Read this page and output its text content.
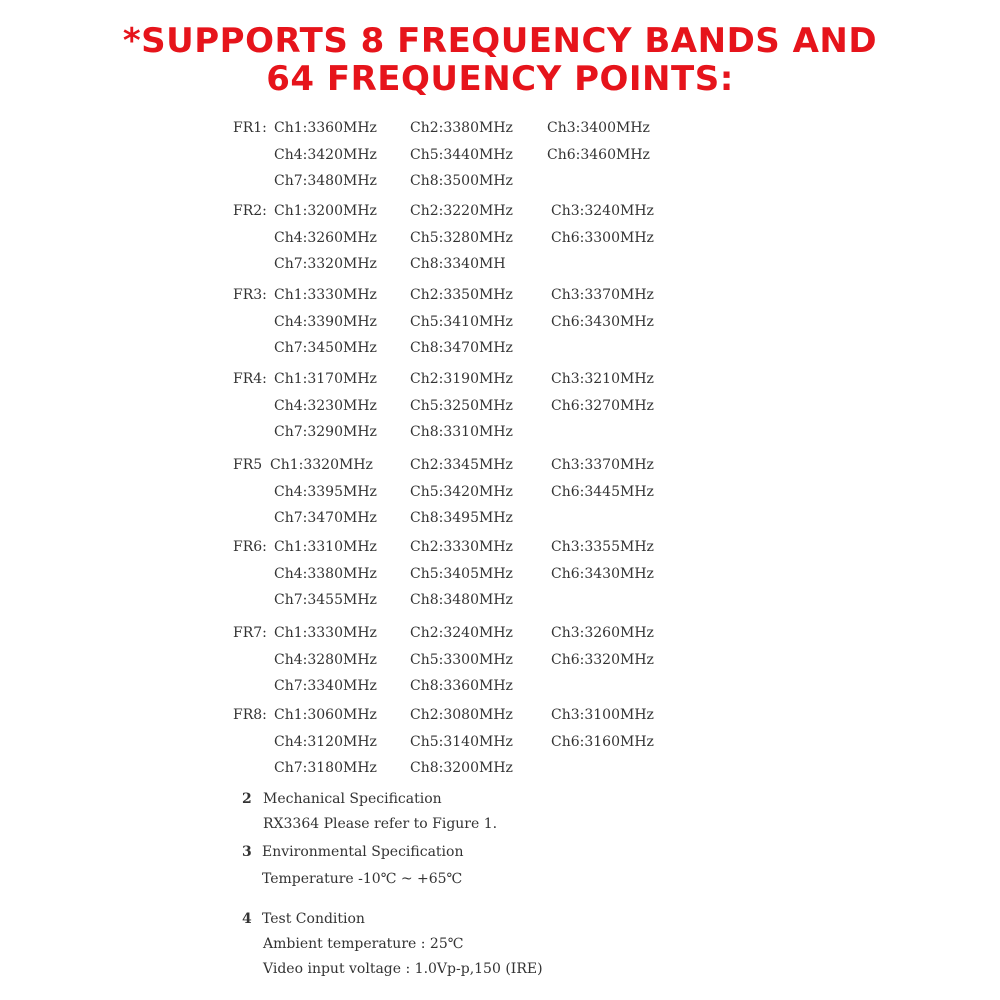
*SUPPORTS 8 FREQUENCY BANDS AND
64 FREQUENCY POINTS:
FR1: Ch1:3360MHz Ch2:3380MHz Ch3:3400MHz
Ch4:3420MHz Ch5:3440MHz Ch6:3460MHz
Ch7:3480MHz Ch8:3500MHz
FR2: Ch1:3200MHz Ch2:3220MHz	Ch3:3240MHz
Ch4:3260MHz Ch5:3280MHz	Ch6:3300MHz
Ch7:3320MHz Ch8:3340MH
FR3: Ch1:3330MHz Ch2:3350MHz	Ch3:3370MHz
Ch4:3390MHz Ch5:3410MHz	Ch6:3430MHz
Ch7:3450MHz Ch8:3470MHz
FR4: Ch1:3170MHz Ch2:3190MHz	Ch3:3210MHz
Ch4:3230MHz Ch5:3250MHz	Ch6:3270MHz
Ch7:3290MHz Ch8:3310MHz
FR5 Ch1:3320MHz	Ch2:3345MHz	Ch3:3370MHz
Ch4:3395MHz Ch5:3420MHz	Ch6:3445MHz
Ch7:3470MHz Ch8:3495MHz
FR6: Ch1:3310MHz Ch2:3330MHz	Ch3:3355MHz
Ch4:3380MHz Ch5:3405MHz	Ch6:3430MHz
Ch7:3455MHz Ch8:3480MHz
FR7: Ch1:3330MHz Ch2:3240MHz	Ch3:3260MHz
Ch4:3280MHz Ch5:3300MHz	Ch6:3320MHz
Ch7:3340MHz Ch8:3360MHz
FR8: Ch1:3060MHz Ch2:3080MHz	Ch3:3100MHz
Ch4:3120MHz Ch5:3140MHz	Ch6:3160MHz
Ch7:3180MHz Ch8:3200MHz
2 Mechanical Specification
RX3364 Please refer to Figure 1.
3 Environmental Specification
Temperature -10℃ ~ +65℃
4 Test Condition
Ambient temperature : 25℃
Video input voltage : 1.0Vp-p,150 (IRE)
